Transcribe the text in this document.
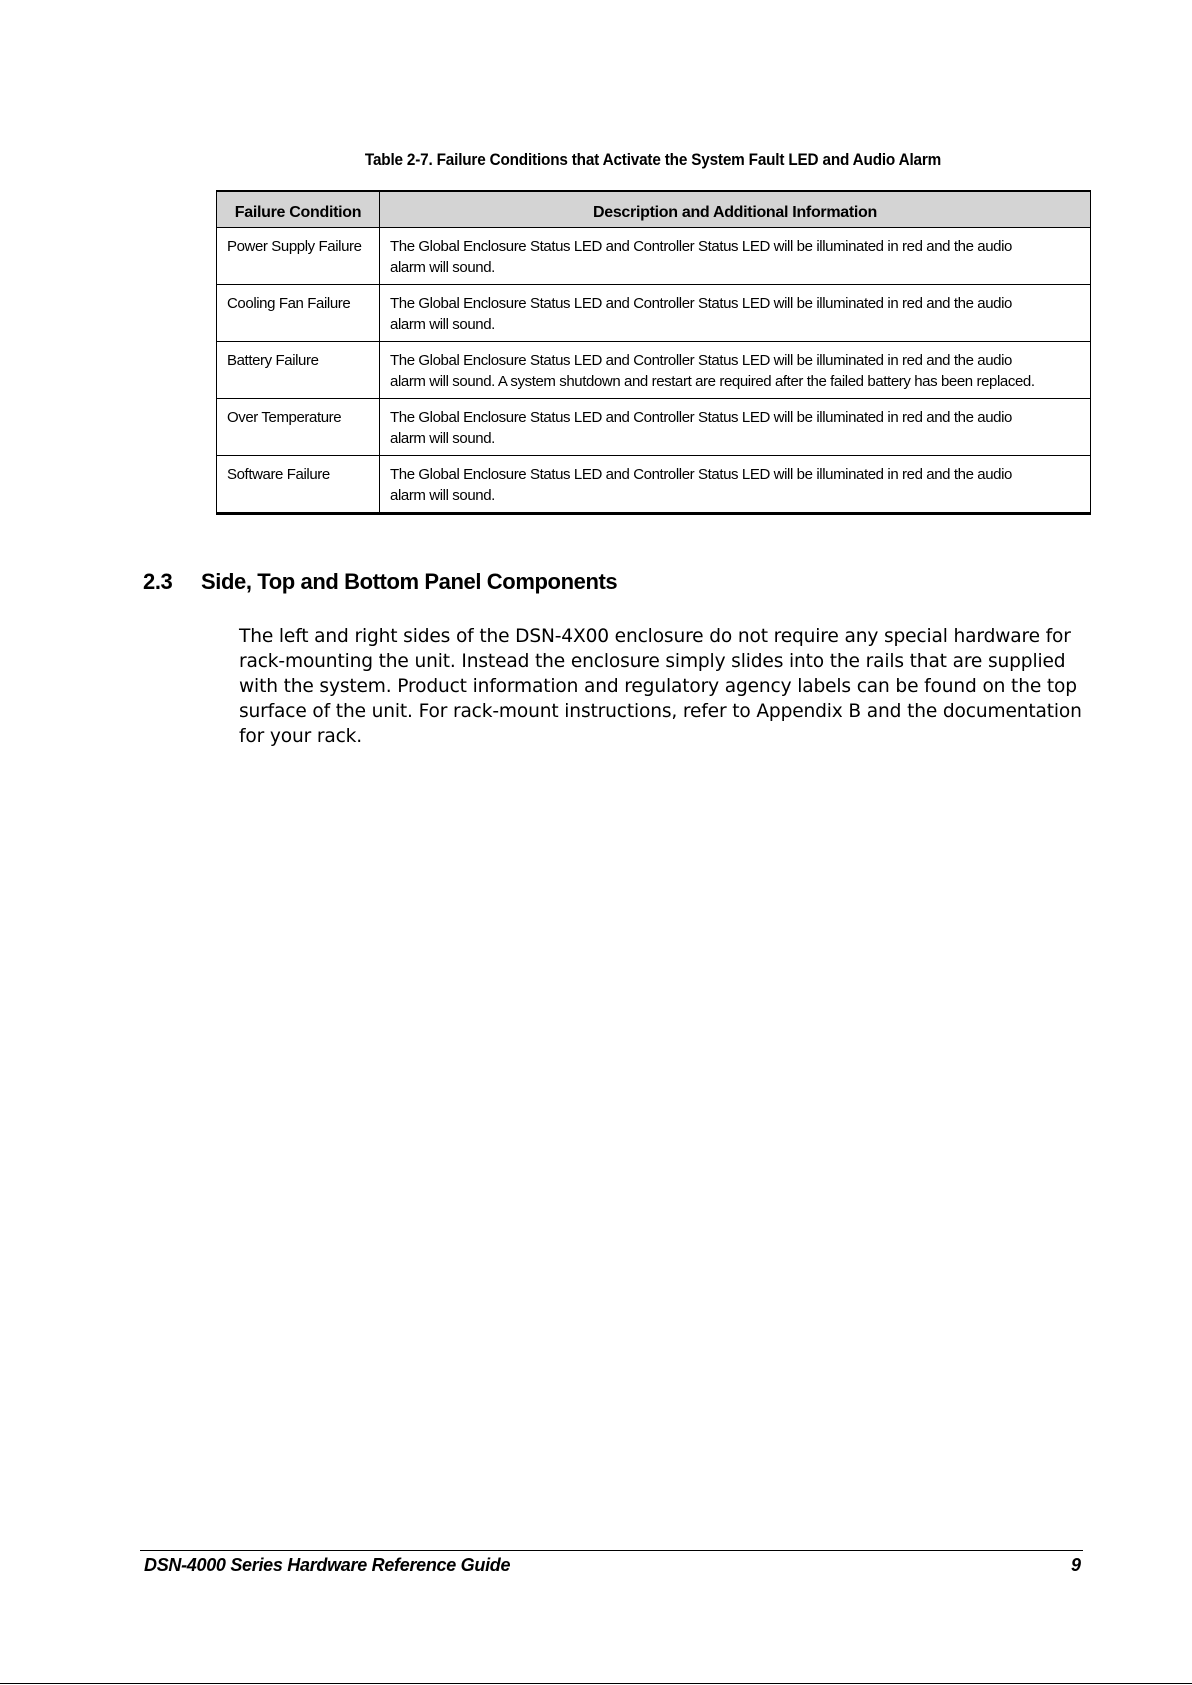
Table 2-7. Failure Conditions that Activate the System Fault LED and Audio Alarm
Failure Condition	Description and Additional Information
Power Supply Failure	The Global Enclosure Status LED and Controller Status LED will be illuminated in red and the audio
alarm will sound.
Cooling Fan Failure	The Global Enclosure Status LED and Controller Status LED will be illuminated in red and the audio
alarm will sound.
Battery Failure	The Global Enclosure Status LED and Controller Status LED will be illuminated in red and the audio
alarm will sound. A system shutdown and restart are required after the failed battery has been replaced.
Over Temperature	The Global Enclosure Status LED and Controller Status LED will be illuminated in red and the audio
alarm will sound.
Software Failure	The Global Enclosure Status LED and Controller Status LED will be illuminated in red and the audio
alarm will sound.
2.3 Side, Top and Bottom Panel Components

The left and right sides of the DSN-4X00 enclosure do not require any special hardware for
rack-mounting the unit. Instead the enclosure simply slides into the rails that are supplied
with the system. Product information and regulatory agency labels can be found on the top
surface of the unit. For rack-mount instructions, refer to Appendix B and the documentation
for your rack.

DSN-4000 Series Hardware Reference Guide	9
